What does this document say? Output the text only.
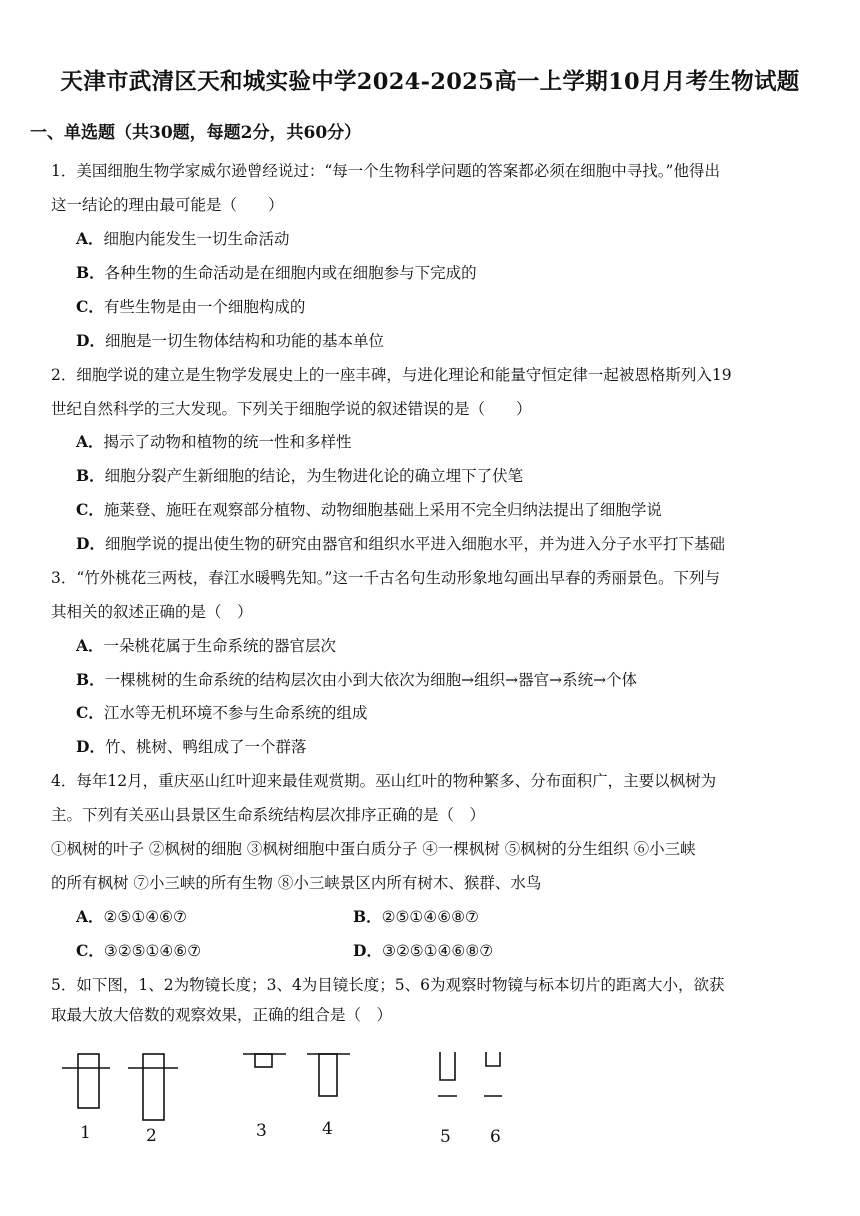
天津市武清区天和城实验中学2024-2025高一上学期10月月考生物试题
一、单选题（共30题，每题2分，共60分）
1．美国细胞生物学家威尔逊曾经说过：“每一个生物科学问题的答案都必须在细胞中寻找。”他得出
这一结论的理由最可能是（　　）
A．细胞内能发生一切生命活动
B．各种生物的生命活动是在细胞内或在细胞参与下完成的
C．有些生物是由一个细胞构成的
D．细胞是一切生物体结构和功能的基本单位
2．细胞学说的建立是生物学发展史上的一座丰碑，与进化理论和能量守恒定律一起被恩格斯列入19
世纪自然科学的三大发现。下列关于细胞学说的叙述错误的是（　　）
A．揭示了动物和植物的统一性和多样性
B．细胞分裂产生新细胞的结论，为生物进化论的确立埋下了伏笔
C．施莱登、施旺在观察部分植物、动物细胞基础上采用不完全归纳法提出了细胞学说
D．细胞学说的提出使生物的研究由器官和组织水平进入细胞水平，并为进入分子水平打下基础
3．“竹外桃花三两枝，春江水暖鸭先知。”这一千古名句生动形象地勾画出早春的秀丽景色。下列与
其相关的叙述正确的是（　）
A．一朵桃花属于生命系统的器官层次
B．一棵桃树的生命系统的结构层次由小到大依次为细胞→组织→器官→系统→个体
C．江水等无机环境不参与生命系统的组成
D．竹、桃树、鸭组成了一个群落
4．每年12月，重庆巫山红叶迎来最佳观赏期。巫山红叶的物种繁多、分布面积广，主要以枫树为
主。下列有关巫山县景区生命系统结构层次排序正确的是（　）
①枫树的叶子 ②枫树的细胞 ③枫树细胞中蛋白质分子 ④一棵枫树 ⑤枫树的分生组织 ⑥小三峡
的所有枫树 ⑦小三峡的所有生物 ⑧小三峡景区内所有树木、猴群、水鸟
A．②⑤①④⑥⑦	B．②⑤①④⑥⑧⑦
C．③②⑤①④⑥⑦	D．③②⑤①④⑥⑧⑦
5．如下图，1、2为物镜长度；3、4为目镜长度；5、6为观察时物镜与标本切片的距离大小，欲获
取最大放大倍数的观察效果，正确的组合是（　）
1	2	3	4	5 6
